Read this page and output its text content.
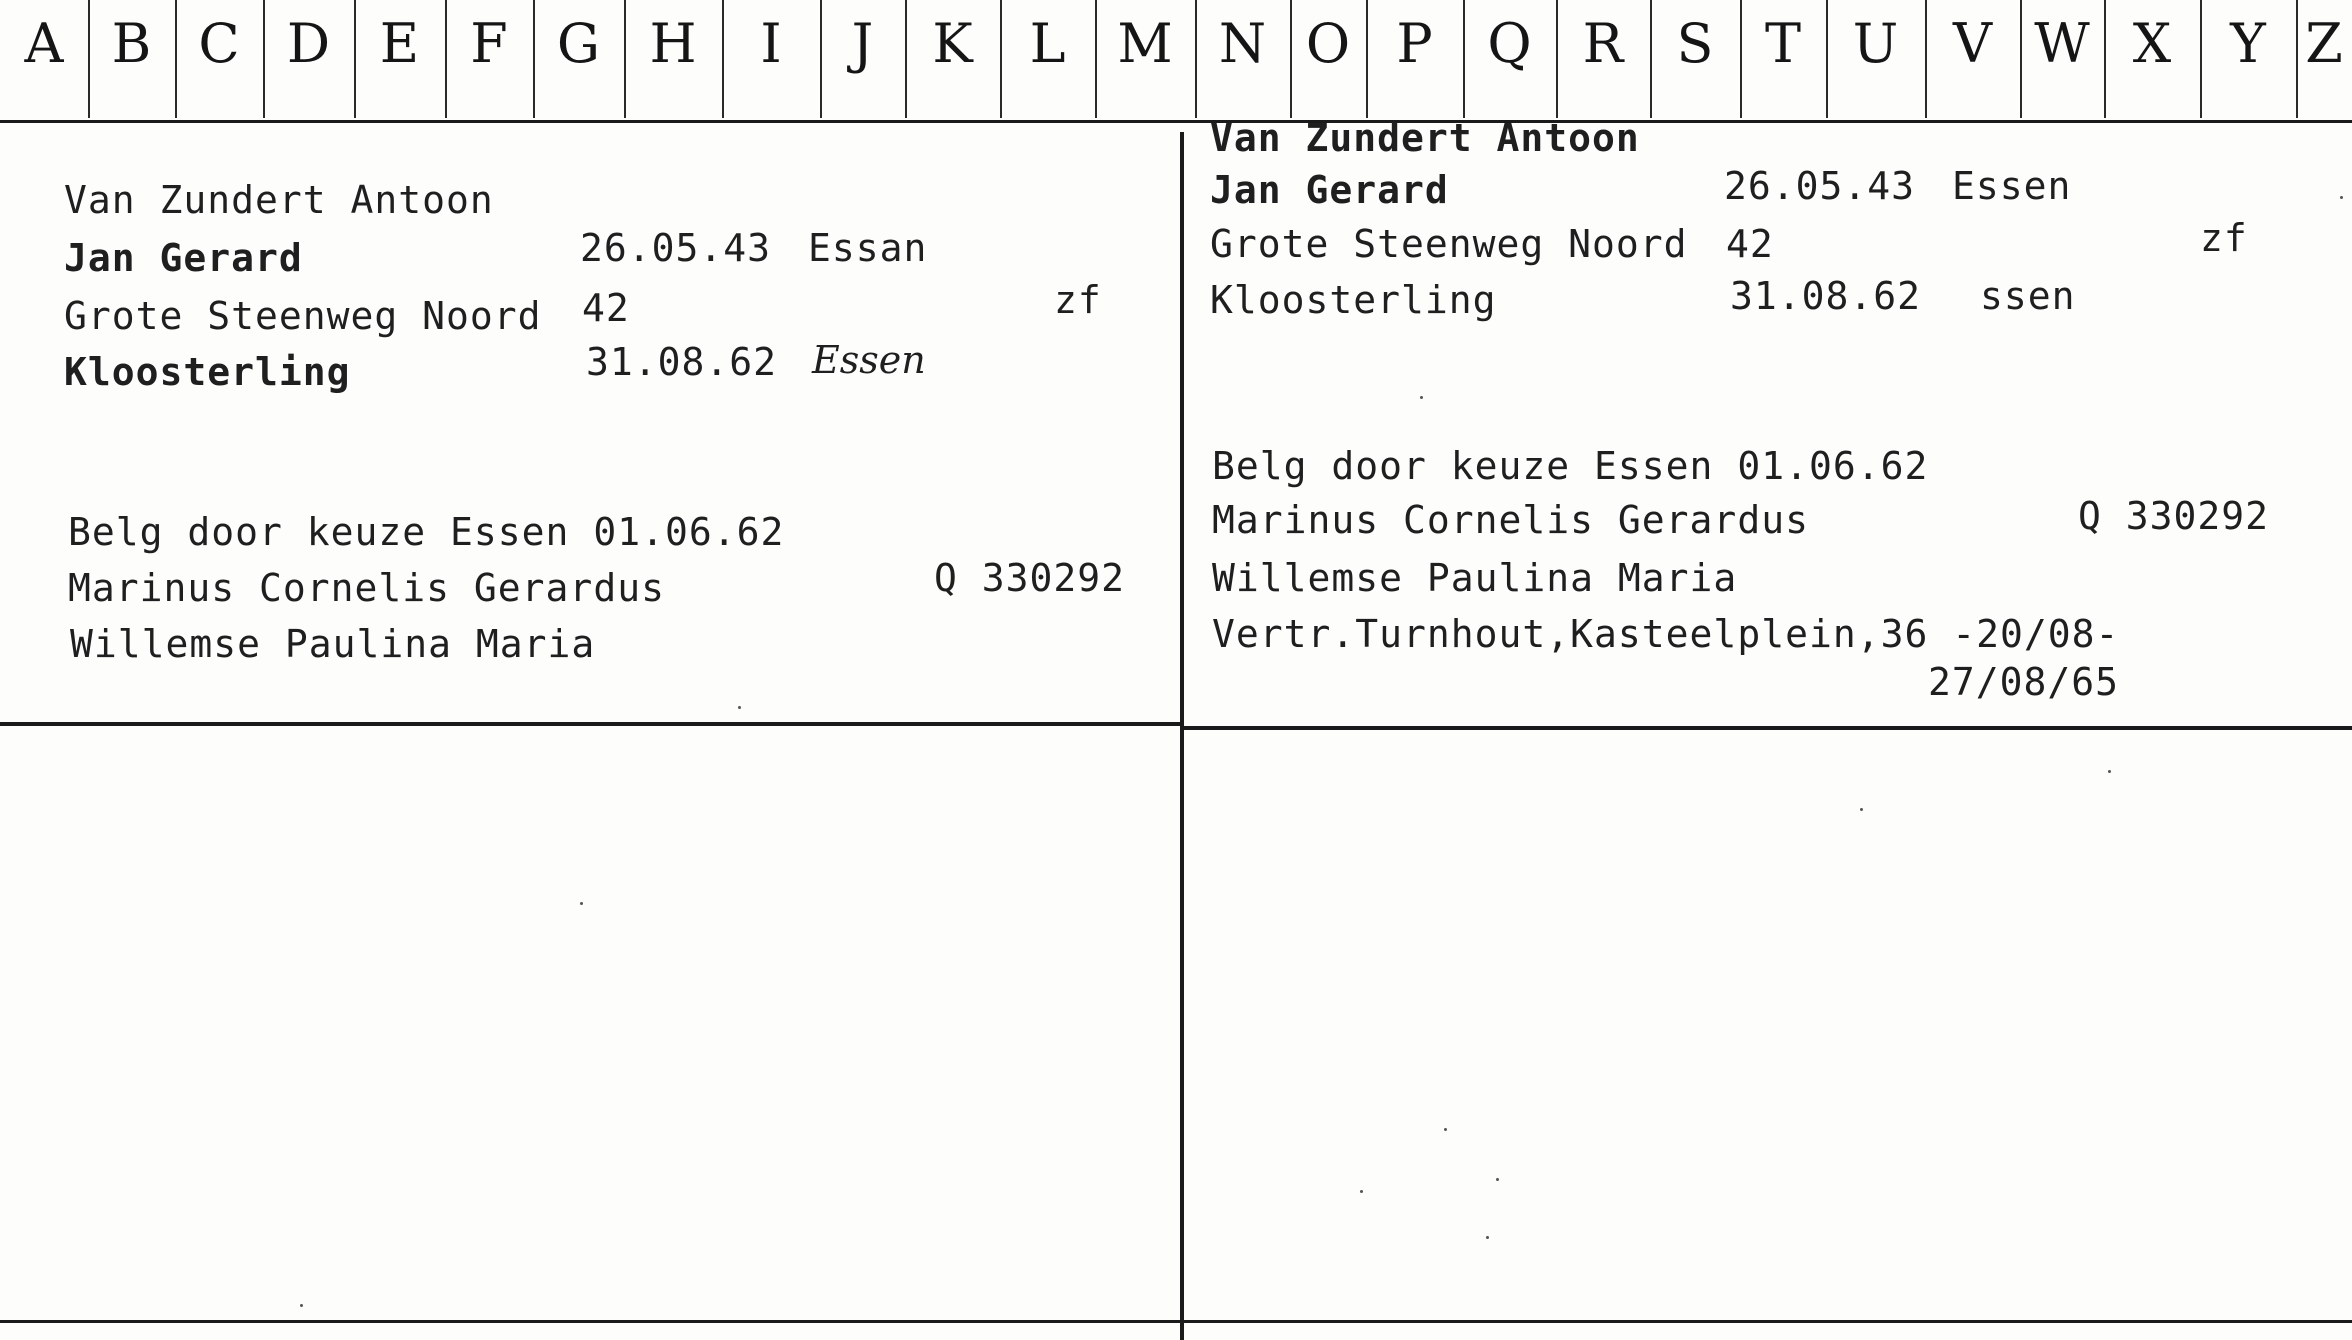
A B C D E F G H	I	J	K	L M N O P	Q R S T U	V W X	Y Z

Van Zundert Antoon

Jan Gerard	26.05.43 Essan

Grote Steenweg Noord 42	zf

Kloosterling	31.08.62 Essen

Belg door keuze Essen 01.06.62

Marinus Cornelis Gerardus	Q 330292

Willemse Paulina Maria

Van Zundert Antoon

Jan Gerard	26.05.43 Essen

Grote Steenweg Noord 42	zf

Kloosterling	31.08.62 ssen

Belg door keuze Essen 01.06.62

Marinus Cornelis Gerardus	Q 330292

Willemse Paulina Maria

Vertr.Turnhout,Kasteelplein,36 -20/08-

27/08/65
